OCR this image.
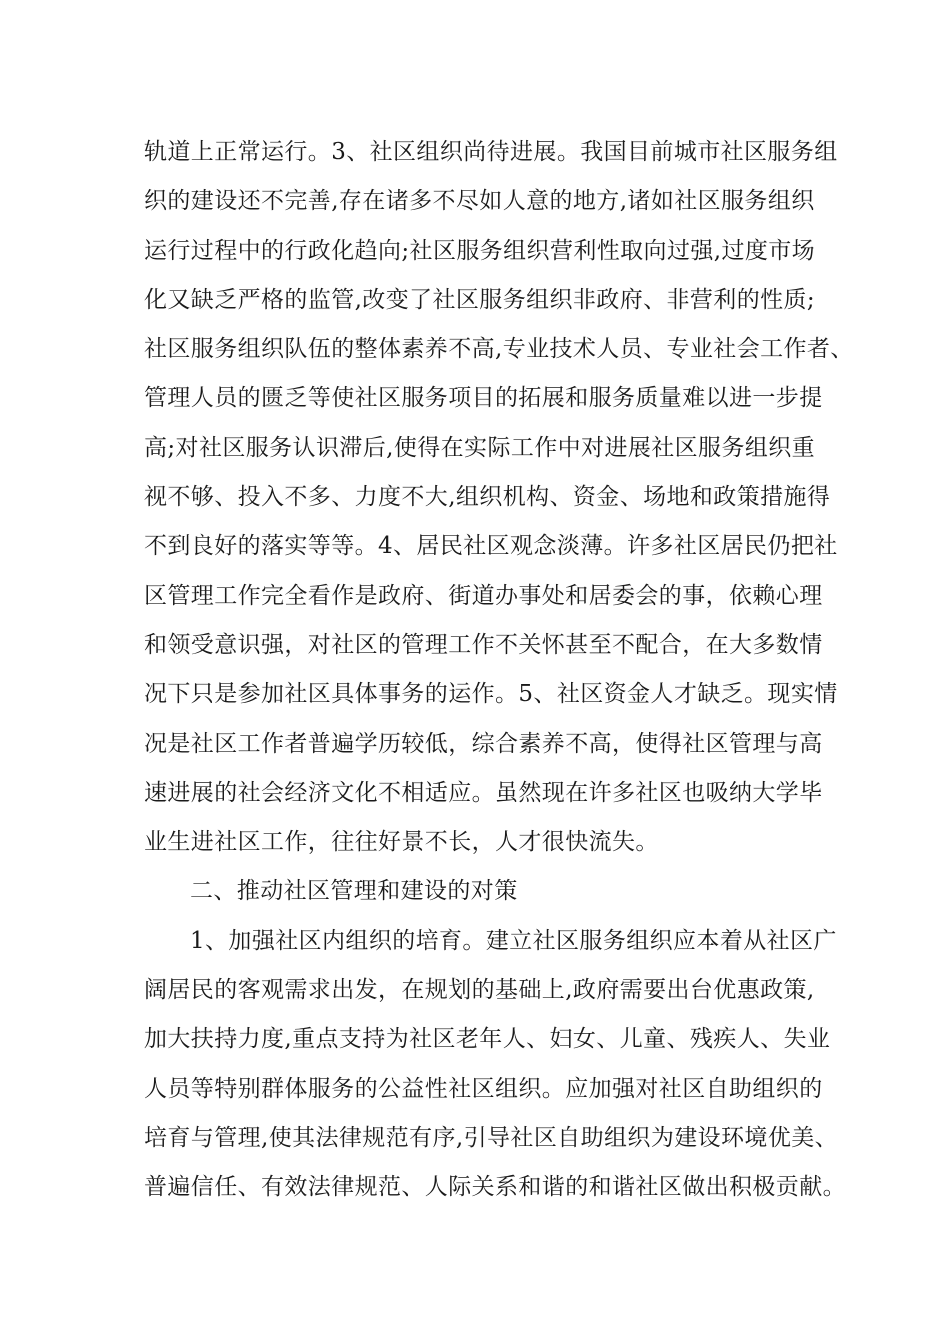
轨道上正常运行。3、社区组织尚待进展。我国目前城市社区服务组
织的建设还不完善,存在诸多不尽如人意的地方,诸如社区服务组织
运行过程中的行政化趋向;社区服务组织营利性取向过强,过度市场
化又缺乏严格的监管,改变了社区服务组织非政府、非营利的性质;
社区服务组织队伍的整体素养不高,专业技术人员、专业社会工作者、
管理人员的匮乏等使社区服务项目的拓展和服务质量难以进一步提
高;对社区服务认识滞后,使得在实际工作中对进展社区服务组织重
视不够、投入不多、力度不大,组织机构、资金、场地和政策措施得
不到良好的落实等等。4、居民社区观念淡薄。许多社区居民仍把社
区管理工作完全看作是政府、街道办事处和居委会的事，依赖心理
和领受意识强，对社区的管理工作不关怀甚至不配合，在大多数情
况下只是参加社区具体事务的运作。5、社区资金人才缺乏。现实情
况是社区工作者普遍学历较低，综合素养不高，使得社区管理与高
速进展的社会经济文化不相适应。虽然现在许多社区也吸纳大学毕
业生进社区工作，往往好景不长，人才很快流失。
二、推动社区管理和建设的对策
1、加强社区内组织的培育。建立社区服务组织应本着从社区广
阔居民的客观需求出发，在规划的基础上,政府需要出台优惠政策,
加大扶持力度,重点支持为社区老年人、妇女、儿童、残疾人、失业
人员等特别群体服务的公益性社区组织。应加强对社区自助组织的
培育与管理,使其法律规范有序,引导社区自助组织为建设环境优美、
普遍信任、有效法律规范、人际关系和谐的和谐社区做出积极贡献。
